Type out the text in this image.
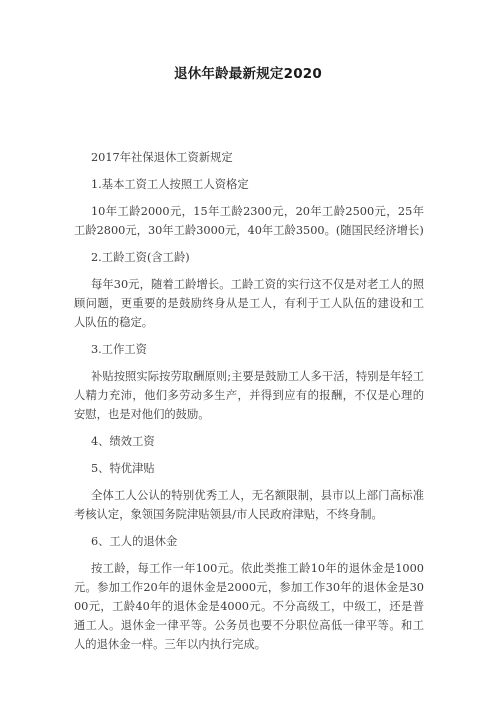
退休年龄最新规定2020

2017年社保退休工资新规定

1.基本工资工人按照工人资格定

10年工龄2000元，15年工龄2300元，20年工龄2500元，25年工龄2800元，30年工龄3000元，40年工龄3500。(随国民经济增长)

2.工龄工资(含工龄)

每年30元，随着工龄增长。工龄工资的实行这不仅是对老工人的照顾问题，更重要的是鼓励终身从是工人，有利于工人队伍的建设和工人队伍的稳定。

3.工作工资

补贴按照实际按劳取酬原则;主要是鼓励工人多干活，特别是年轻工人精力充沛，他们多劳动多生产，并得到应有的报酬，不仅是心理的安慰，也是对他们的鼓励。

4、绩效工资

5、特优津贴

全体工人公认的特别优秀工人，无名额限制，县市以上部门高标准考核认定，象领国务院津贴领县/市人民政府津贴，不终身制。

6、工人的退休金

按工龄，每工作一年100元。依此类推工龄10年的退休金是1000元。参加工作20年的退休金是2000元，参加工作30年的退休金是3000元，工龄40年的退休金是4000元。不分高级工，中级工，还是普通工人。退休金一律平等。公务员也要不分职位高低一律平等。和工人的退休金一样。三年以内执行完成。
